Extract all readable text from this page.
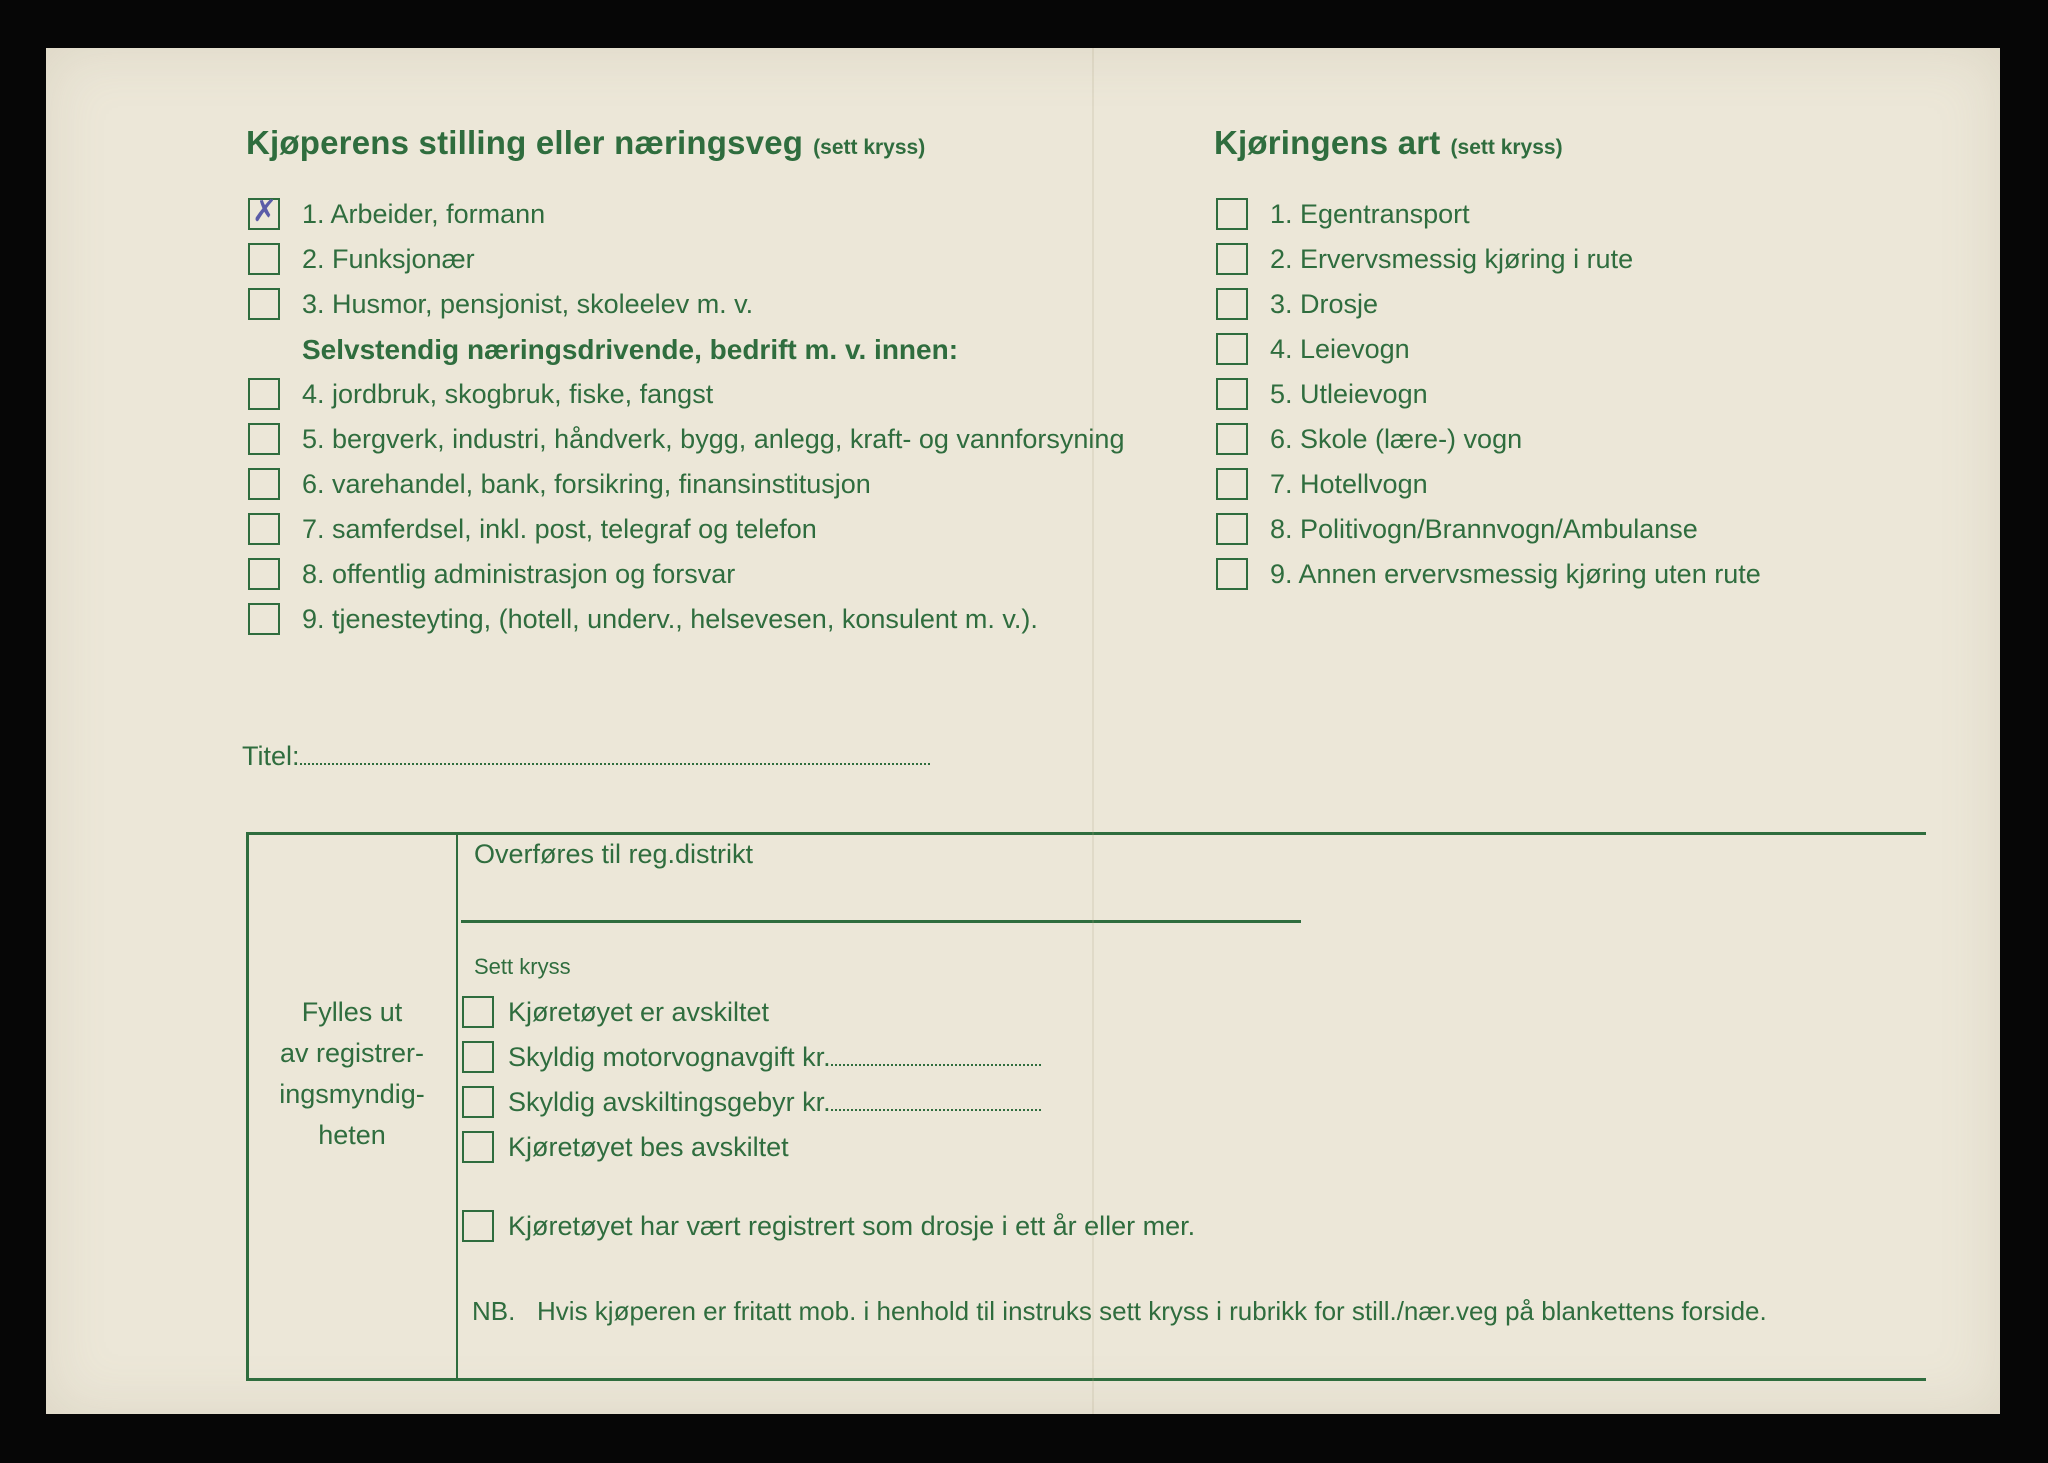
Kjøperens stilling eller næringsveg (sett kryss)
✗ 1. Arbeider, formann
2. Funksjonær
3. Husmor, pensjonist, skoleelev m. v.
Selvstendig næringsdrivende, bedrift m. v. innen:
4. jordbruk, skogbruk, fiske, fangst
5. bergverk, industri, håndverk, bygg, anlegg, kraft- og vannforsyning
6. varehandel, bank, forsikring, finansinstitusjon
7. samferdsel, inkl. post, telegraf og telefon
8. offentlig administrasjon og forsvar
9. tjenesteyting, (hotell, underv., helsevesen, konsulent m. v.).
Kjøringens art (sett kryss)
1. Egentransport
2. Ervervsmessig kjøring i rute
3. Drosje
4. Leievogn
5. Utleievogn
6. Skole (lære-) vogn
7. Hotellvogn
8. Politivogn/Brannvogn/Ambulanse
9. Annen ervervsmessig kjøring uten rute
Titel:
Fylles ut
av registrer-
ingsmyndig-
heten
Overføres til reg.distrikt
Sett kryss
Kjøretøyet er avskiltet
Skyldig motorvognavgift kr.
Skyldig avskiltingsgebyr kr.
Kjøretøyet bes avskiltet
Kjøretøyet har vært registrert som drosje i ett år eller mer.
NB. Hvis kjøperen er fritatt mob. i henhold til instruks sett kryss i rubrikk for still./nær.veg på blankettens forside.
